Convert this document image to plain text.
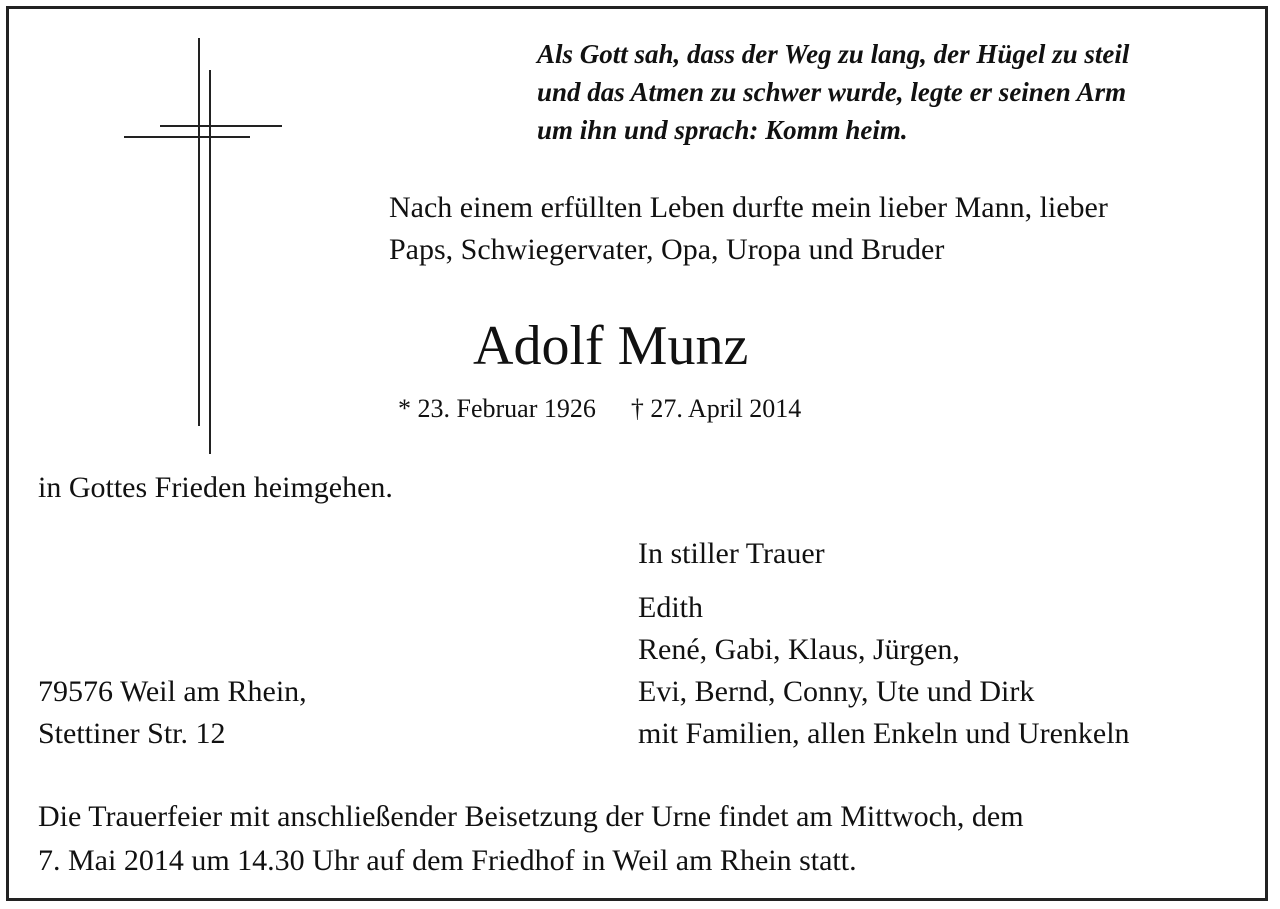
Als Gott sah, dass der Weg zu lang, der Hügel zu steil
und das Atmen zu schwer wurde, legte er seinen Arm
um ihn und sprach: Komm heim.
Nach einem erfüllten Leben durfte mein lieber Mann, lieber
Paps, Schwiegervater, Opa, Uropa und Bruder
Adolf Munz
* 23. Februar 1926 † 27. April 2014
in Gottes Frieden heimgehen.
In stiller Trauer
Edith
René, Gabi, Klaus, Jürgen,
Evi, Bernd, Conny, Ute und Dirk
mit Familien, allen Enkeln und Urenkeln
79576 Weil am Rhein,
Stettiner Str. 12
Die Trauerfeier mit anschließender Beisetzung der Urne findet am Mittwoch, dem
7. Mai 2014 um 14.30 Uhr auf dem Friedhof in Weil am Rhein statt.
